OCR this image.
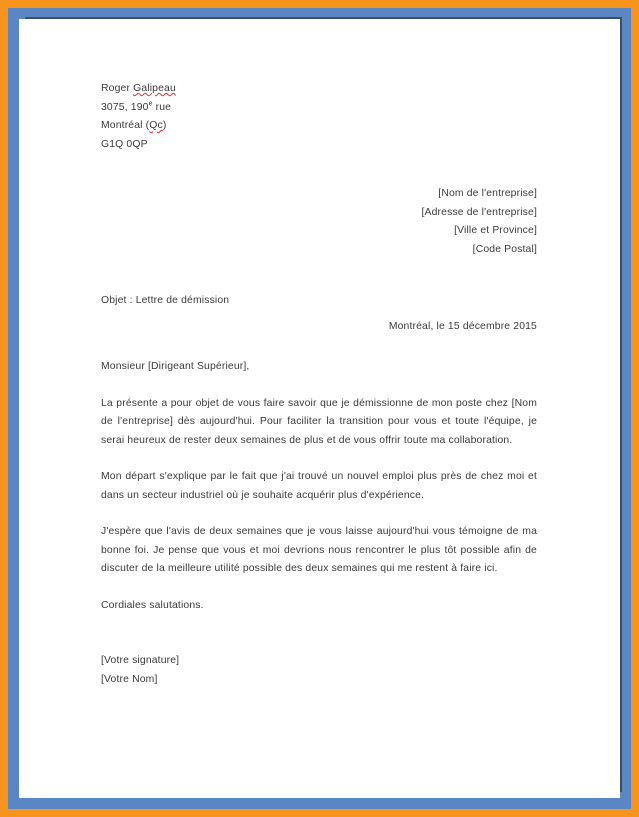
Roger Galipeau
3075, 190e rue
Montréal (Qc)
G1Q 0QP
[Nom de l'entreprise]
[Adresse de l'entreprise]
[Ville et Province]
[Code Postal]
Objet : Lettre de démission
Montréal, le 15 décembre 2015
Monsieur [Dirigeant Supérieur],

La présente a pour objet de vous faire savoir que je démissionne de mon poste chez [Nom de l'entreprise] dès aujourd'hui. Pour faciliter la transition pour vous et toute l'équipe, je serai heureux de rester deux semaines de plus et de vous offrir toute ma collaboration.

Mon départ s'explique par le fait que j'ai trouvé un nouvel emploi plus près de chez moi et dans un secteur industriel où je souhaite acquérir plus d'expérience.

J'espère que l'avis de deux semaines que je vous laisse aujourd'hui vous témoigne de ma bonne foi. Je pense que vous et moi devrions nous rencontrer le plus tôt possible afin de discuter de la meilleure utilité possible des deux semaines qui me restent à faire ici.

Cordiales salutations.
[Votre signature]
[Votre Nom]
